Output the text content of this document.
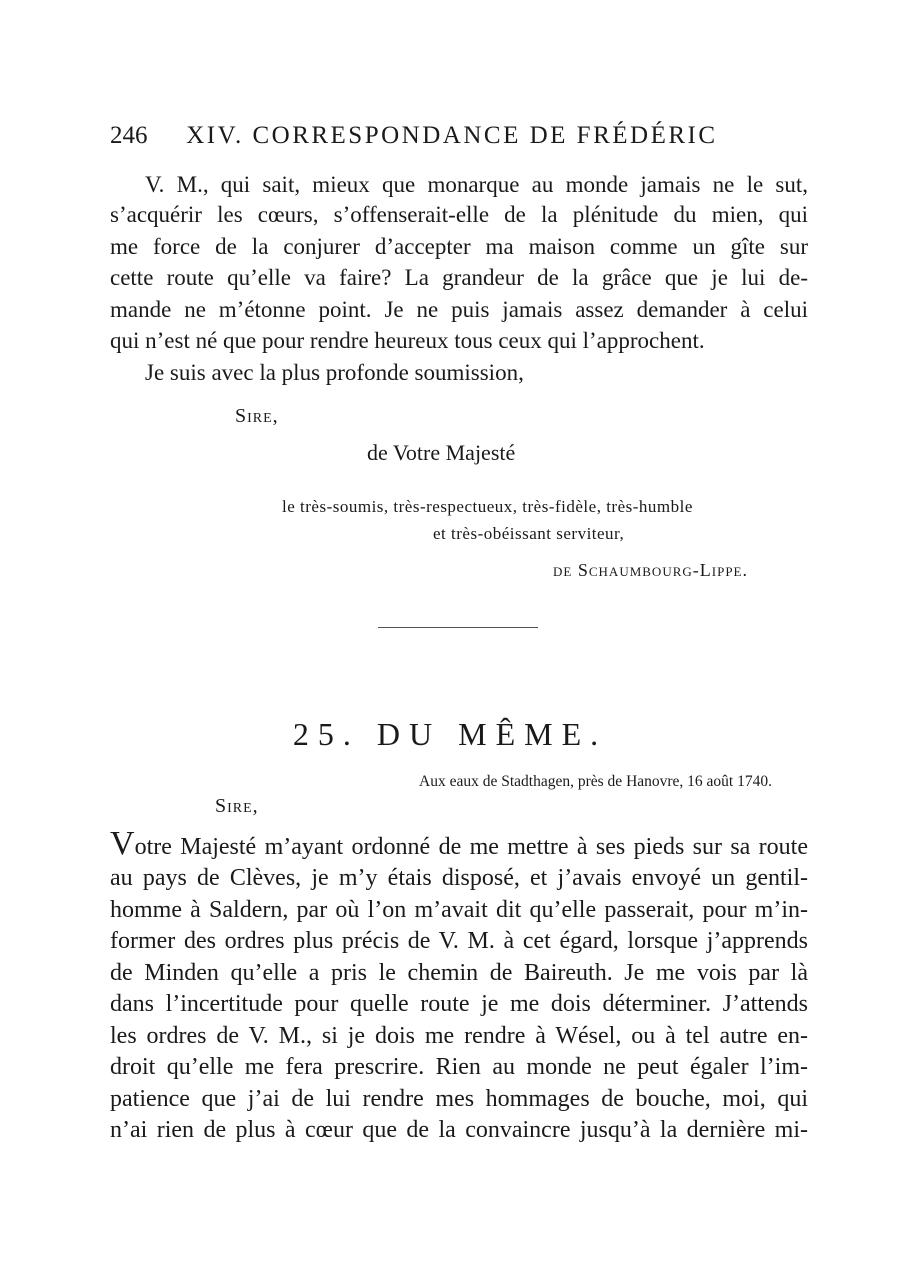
246 XIV. CORRESPONDANCE DE FRÉDÉRIC
V. M., qui sait, mieux que monarque au monde jamais ne le sut,
s’acquérir les cœurs, s’offenserait-elle de la plénitude du mien, qui
me force de la conjurer d’accepter ma maison comme un gîte sur
cette route qu’elle va faire? La grandeur de la grâce que je lui de-
mande ne m’étonne point. Je ne puis jamais assez demander à celui
qui n’est né que pour rendre heureux tous ceux qui l’approchent.
Je suis avec la plus profonde soumission,
Sire,
de Votre Majesté
le très-soumis, très-respectueux, très-fidèle, très-humble
et très-obéissant serviteur,
de Schaumbourg-Lippe.
25. DU MÊME.
Aux eaux de Stadthagen, près de Hanovre, 16 août 1740.
Sire,
Votre Majesté m’ayant ordonné de me mettre à ses pieds sur sa route
au pays de Clèves, je m’y étais disposé, et j’avais envoyé un gentil-
homme à Saldern, par où l’on m’avait dit qu’elle passerait, pour m’in-
former des ordres plus précis de V. M. à cet égard, lorsque j’apprends
de Minden qu’elle a pris le chemin de Baireuth. Je me vois par là
dans l’incertitude pour quelle route je me dois déterminer. J’attends
les ordres de V. M., si je dois me rendre à Wésel, ou à tel autre en-
droit qu’elle me fera prescrire. Rien au monde ne peut égaler l’im-
patience que j’ai de lui rendre mes hommages de bouche, moi, qui
n’ai rien de plus à cœur que de la convaincre jusqu’à la dernière mi-
